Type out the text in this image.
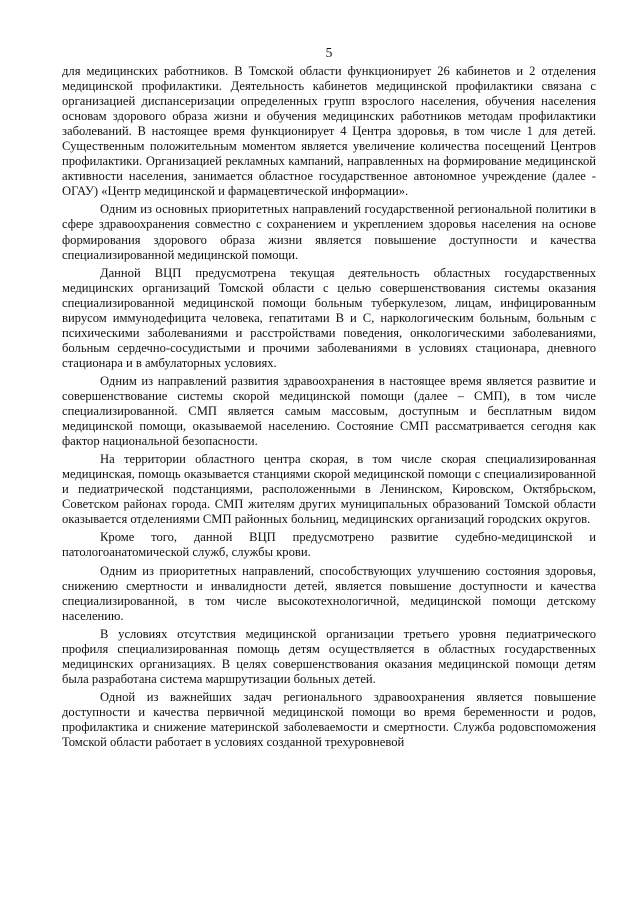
5

для медицинских работников. В Томской области функционирует 26 кабинетов и 2 отделения медицинской профилактики. Деятельность кабинетов медицинской профилактики связана с организацией диспансеризации определенных групп взрослого населения, обучения населения основам здорового образа жизни и обучения медицинских работников методам профилактики заболеваний. В настоящее время функционирует 4 Центра здоровья, в том числе 1 для детей. Существенным положительным моментом является увеличение количества посещений Центров профилактики. Организацией рекламных кампаний, направленных на формирование медицинской активности населения, занимается областное государственное автономное учреждение (далее - ОГАУ) «Центр медицинской и фармацевтической информации».

Одним из основных приоритетных направлений государственной региональной политики в сфере здравоохранения совместно с сохранением и укреплением здоровья населения на основе формирования здорового образа жизни является повышение доступности и качества специализированной медицинской помощи.

Данной ВЦП предусмотрена текущая деятельность областных государственных медицинских организаций Томской области с целью совершенствования системы оказания специализированной медицинской помощи больным туберкулезом, лицам, инфицированным вирусом иммунодефицита человека, гепатитами В и С, наркологическим больным, больным с психическими заболеваниями и расстройствами поведения, онкологическими заболеваниями, больным сердечно-сосудистыми и прочими заболеваниями в условиях стационара, дневного стационара и в амбулаторных условиях.

Одним из направлений развития здравоохранения в настоящее время является развитие и совершенствование системы скорой медицинской помощи (далее – СМП), в том числе специализированной. СМП является самым массовым, доступным и бесплатным видом медицинской помощи, оказываемой населению. Состояние СМП рассматривается сегодня как фактор национальной безопасности.

На территории областного центра скорая, в том числе скорая специализированная медицинская, помощь оказывается станциями скорой медицинской помощи с специализированной и педиатрической подстанциями, расположенными в Ленинском, Кировском, Октябрьском, Советском районах города. СМП жителям других муниципальных образований Томской области оказывается отделениями СМП районных больниц, медицинских организаций городских округов.

Кроме того, данной ВЦП предусмотрено развитие судебно-медицинской и патологоанатомической служб, службы крови.

Одним из приоритетных направлений, способствующих улучшению состояния здоровья, снижению смертности и инвалидности детей, является повышение доступности и качества специализированной, в том числе высокотехнологичной, медицинской помощи детскому населению.

В условиях отсутствия медицинской организации третьего уровня педиатрического профиля специализированная помощь детям осуществляется в областных государственных медицинских организациях. В целях совершенствования оказания медицинской помощи детям была разработана система маршрутизации больных детей.

Одной из важнейших задач регионального здравоохранения является повышение доступности и качества первичной медицинской помощи во время беременности и родов, профилактика и снижение материнской заболеваемости и смертности. Служба родовспоможения Томской области работает в условиях созданной трехуровневой
